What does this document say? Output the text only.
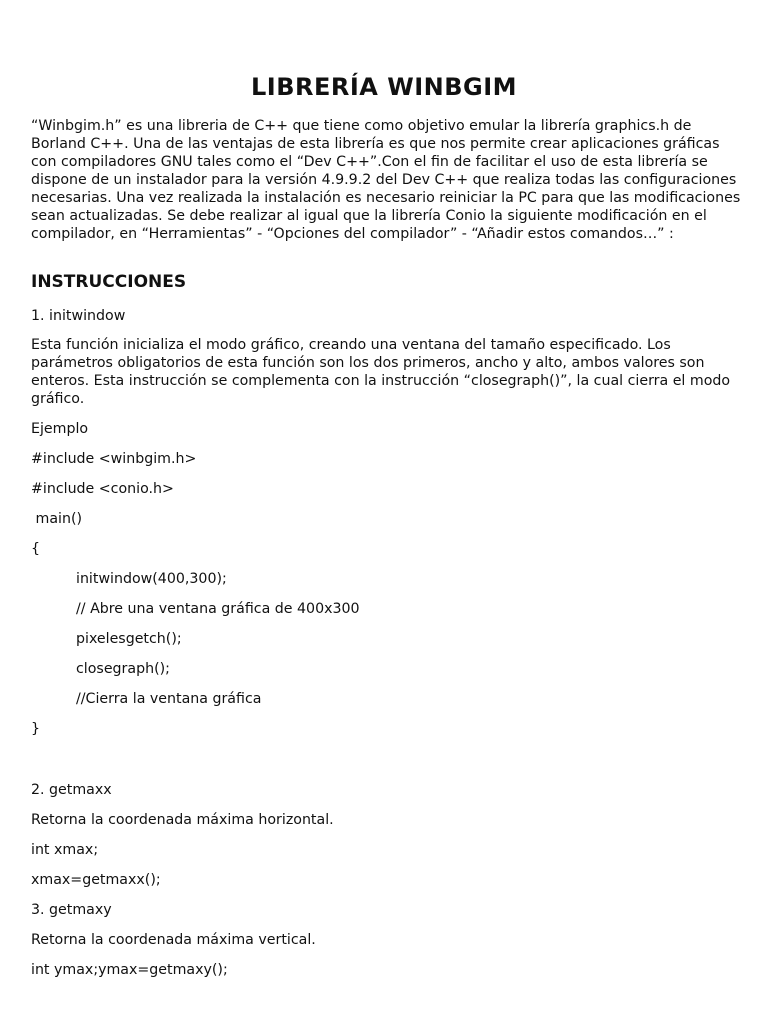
LIBRERÍA WINBGIM

“Winbgim.h” es una libreria de C++ que tiene como objetivo emular la librería graphics.h de Borland C++. Una de las ventajas de esta librería es que nos permite crear aplicaciones gráficas con compiladores GNU tales como el “Dev C++”.Con el fin de facilitar el uso de esta librería se dispone de un instalador para la versión 4.9.9.2 del Dev C++ que realiza todas las configuraciones necesarias. Una vez realizada la instalación es necesario reiniciar la PC para que las modificaciones sean actualizadas. Se debe realizar al igual que la librería Conio la siguiente modificación en el compilador, en “Herramientas” - “Opciones del compilador” - “Añadir estos comandos…” :

INSTRUCCIONES
1. initwindow

Esta función inicializa el modo gráfico, creando una ventana del tamaño especificado. Los parámetros obligatorios de esta función son los dos primeros, ancho y alto, ambos valores son enteros. Esta instrucción se complementa con la instrucción “closegraph()”, la cual cierra el modo gráfico.

Ejemplo
#include <winbgim.h>
#include <conio.h>
main()
{
initwindow(400,300);
// Abre una ventana gráfica de 400x300
pixelesgetch();
closegraph();
//Cierra la ventana gráfica
}
2. getmaxx
Retorna la coordenada máxima horizontal.
int xmax;
xmax=getmaxx();
3. getmaxy
Retorna la coordenada máxima vertical.
int ymax;ymax=getmaxy();
